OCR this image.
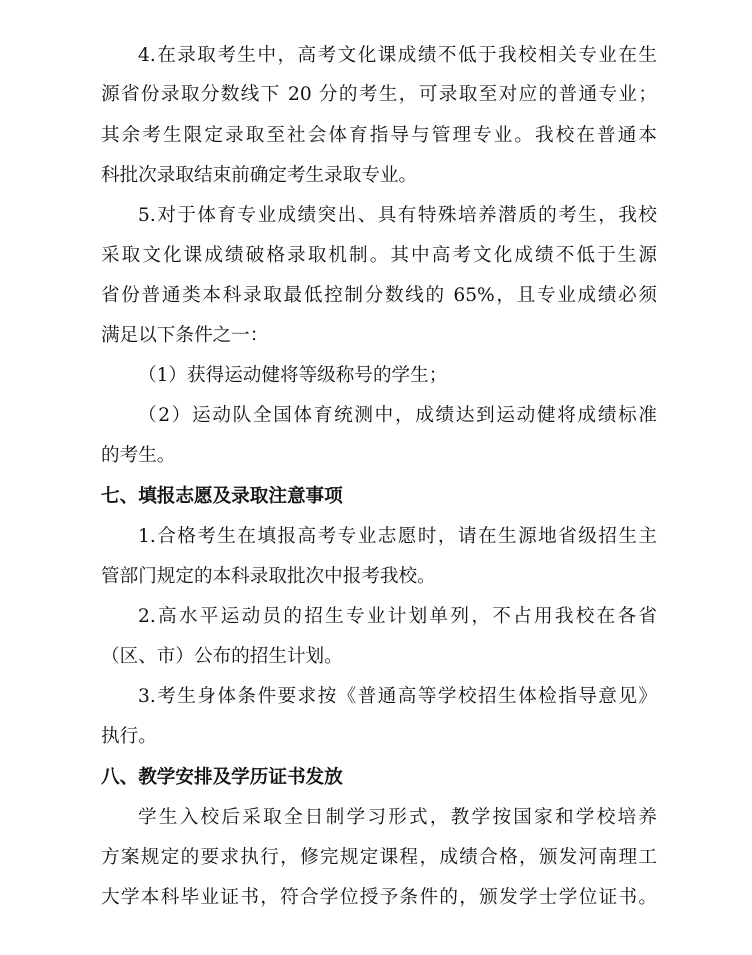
4.在录取考生中，高考文化课成绩不低于我校相关专业在生
源省份录取分数线下 20 分的考生，可录取至对应的普通专业；
其余考生限定录取至社会体育指导与管理专业。我校在普通本
科批次录取结束前确定考生录取专业。
5.对于体育专业成绩突出、具有特殊培养潜质的考生，我校
采取文化课成绩破格录取机制。其中高考文化成绩不低于生源
省份普通类本科录取最低控制分数线的 65%，且专业成绩必须
满足以下条件之一：
（1）获得运动健将等级称号的学生；
（2）运动队全国体育统测中，成绩达到运动健将成绩标准
的考生。
七、填报志愿及录取注意事项
1.合格考生在填报高考专业志愿时，请在生源地省级招生主
管部门规定的本科录取批次中报考我校。
2.高水平运动员的招生专业计划单列，不占用我校在各省
（区、市）公布的招生计划。
3.考生身体条件要求按《普通高等学校招生体检指导意见》
执行。
八、教学安排及学历证书发放
学生入校后采取全日制学习形式，教学按国家和学校培养
方案规定的要求执行，修完规定课程，成绩合格，颁发河南理工
大学本科毕业证书，符合学位授予条件的，颁发学士学位证书。
